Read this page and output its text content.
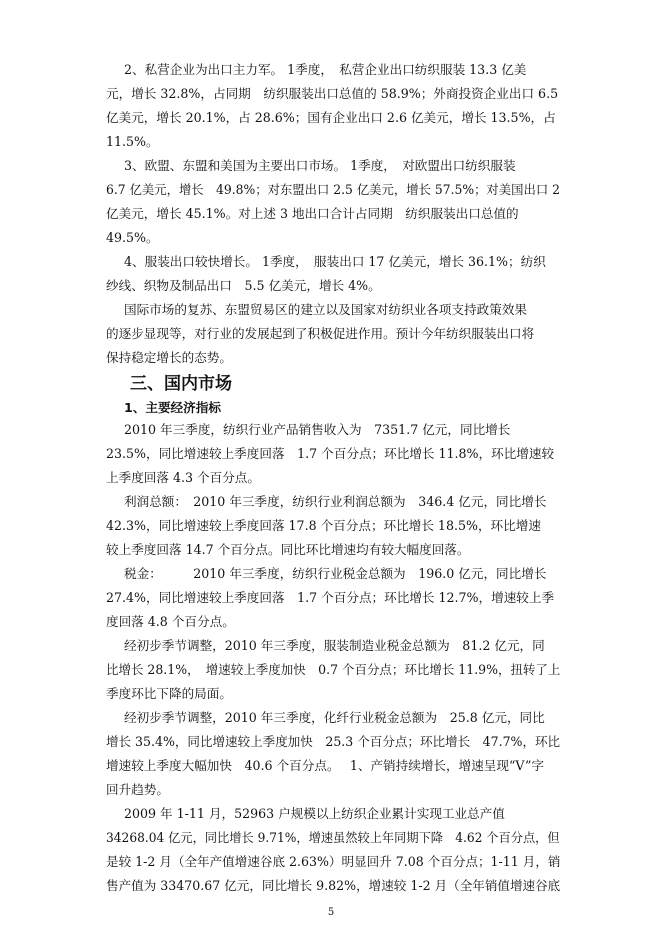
2、私营企业为出口主力军。 1季度，　私营企业出口纺织服装 13.3 亿美
元，增长 32.8%，占同期　纺织服装出口总值的 58.9%；外商投资企业出口 6.5
亿美元，增长 20.1%，占 28.6%；国有企业出口 2.6 亿美元，增长 13.5%，占
11.5%。
3、欧盟、东盟和美国为主要出口市场。 1季度，　对欧盟出口纺织服装
6.7 亿美元，增长　49.8%；对东盟出口 2.5 亿美元，增长 57.5%；对美国出口 2
亿美元，增长 45.1%。对上述 3 地出口合计占同期　纺织服装出口总值的
49.5%。
4、服装出口较快增长。 1季度，　服装出口 17 亿美元，增长 36.1%；纺织
纱线、织物及制品出口　5.5 亿美元，增长 4%。
国际市场的复苏、东盟贸易区的建立以及国家对纺织业各项支持政策效果
的逐步显现等，对行业的发展起到了积极促进作用。预计今年纺织服装出口将
保持稳定增长的态势。
三、国内市场
1、主要经济指标
2010 年三季度，纺织行业产品销售收入为　7351.7 亿元，同比增长
23.5%，同比增速较上季度回落　1.7 个百分点；环比增长 11.8%，环比增速较
上季度回落 4.3 个百分点。
利润总额：　2010 年三季度，纺织行业利润总额为　346.4 亿元，同比增长
42.3%，同比增速较上季度回落 17.8 个百分点；环比增长 18.5%，环比增速
较上季度回落 14.7 个百分点。同比环比增速均有较大幅度回落。
税金：　　　2010 年三季度，纺织行业税金总额为　196.0 亿元，同比增长
27.4%，同比增速较上季度回落　1.7 个百分点；环比增长 12.7%，增速较上季
度回落 4.8 个百分点。
经初步季节调整，2010 年三季度，服装制造业税金总额为　81.2 亿元，同
比增长 28.1%，　增速较上季度加快　0.7 个百分点；环比增长 11.9%，扭转了上
季度环比下降的局面。
经初步季节调整，2010 年三季度，化纤行业税金总额为　25.8 亿元，同比
增长 35.4%，同比增速较上季度加快　25.3 个百分点；环比增长　47.7%，环比
增速较上季度大幅加快　40.6 个百分点。　 1、产销持续增长，增速呈现“V”字
回升趋势。
2009 年 1-11 月，52963 户规模以上纺织企业累计实现工业总产值
34268.04 亿元，同比增长 9.71%，增速虽然较上年同期下降　4.62 个百分点，但
是较 1-2 月（全年产值增速谷底 2.63%）明显回升 7.08 个百分点；1-11 月，销
售产值为 33470.67 亿元，同比增长 9.82%，增速较 1-2 月（全年销值增速谷底
5
